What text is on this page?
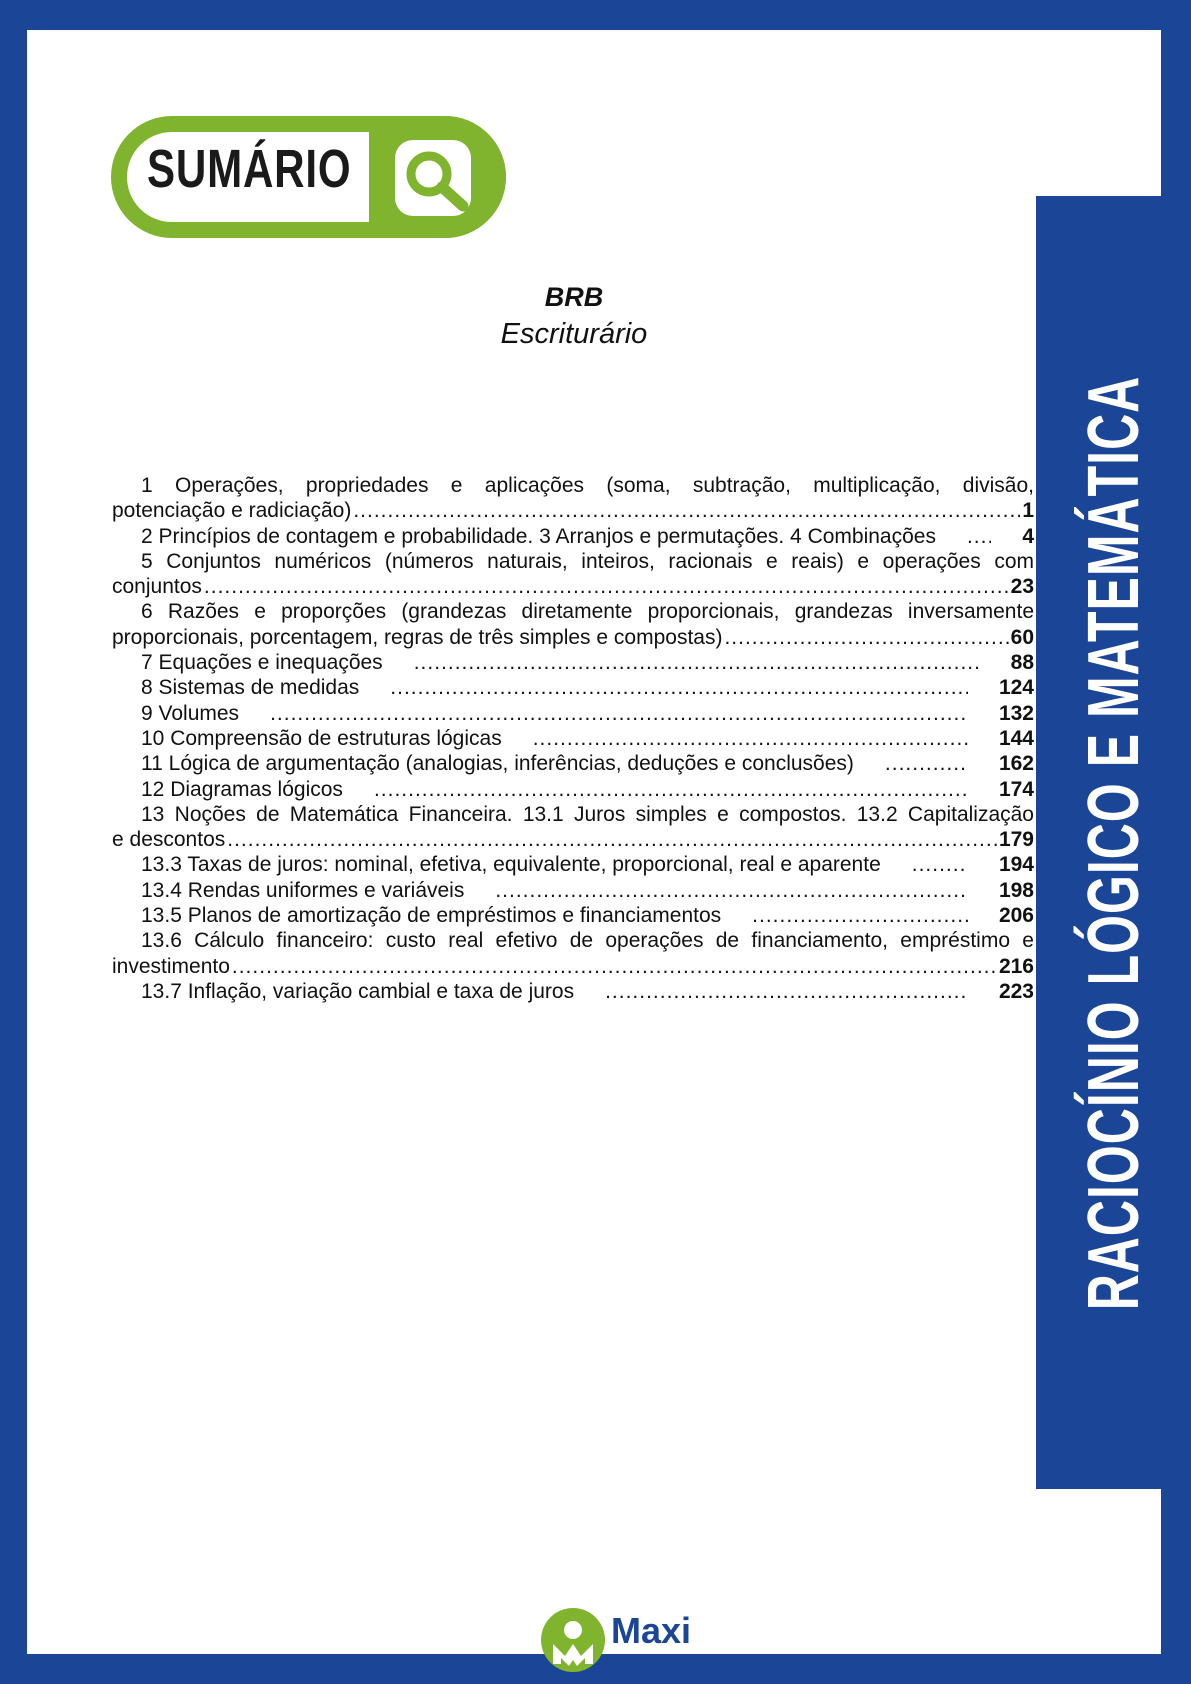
SUMÁRIO
BRB
Escriturário
1 Operações, propriedades e aplicações (soma, subtração, multiplicação, divisão,
potenciação e radiciação) .....	1
2 Princípios de contagem e probabilidade. 3 Arranjos e permutações. 4 Combinações .....	4
5 Conjuntos numéricos (números naturais, inteiros, racionais e reais) e operações com
conjuntos .....	23
6 Razões e proporções (grandezas diretamente proporcionais, grandezas inversamente
proporcionais, porcentagem, regras de três simples e compostas) .....	60
7 Equações e inequações .....	88
8 Sistemas de medidas .....	124
9 Volumes .....	132
10 Compreensão de estruturas lógicas .....	144
11 Lógica de argumentação (analogias, inferências, deduções e conclusões) .....	162
12 Diagramas lógicos .....	174
13 Noções de Matemática Financeira. 13.1 Juros simples e compostos. 13.2 Capitalização
e descontos .....	179
13.3 Taxas de juros: nominal, efetiva, equivalente, proporcional, real e aparente .....	194
13.4 Rendas uniformes e variáveis .....	198
13.5 Planos de amortização de empréstimos e financiamentos .....	206
13.6 Cálculo financeiro: custo real efetivo de operações de financiamento, empréstimo e
investimento .....	216
13.7 Inflação, variação cambial e taxa de juros .....	223
Maxi
educa
RACIOCÍNIO LÓGICO E MATEMÁTICA
